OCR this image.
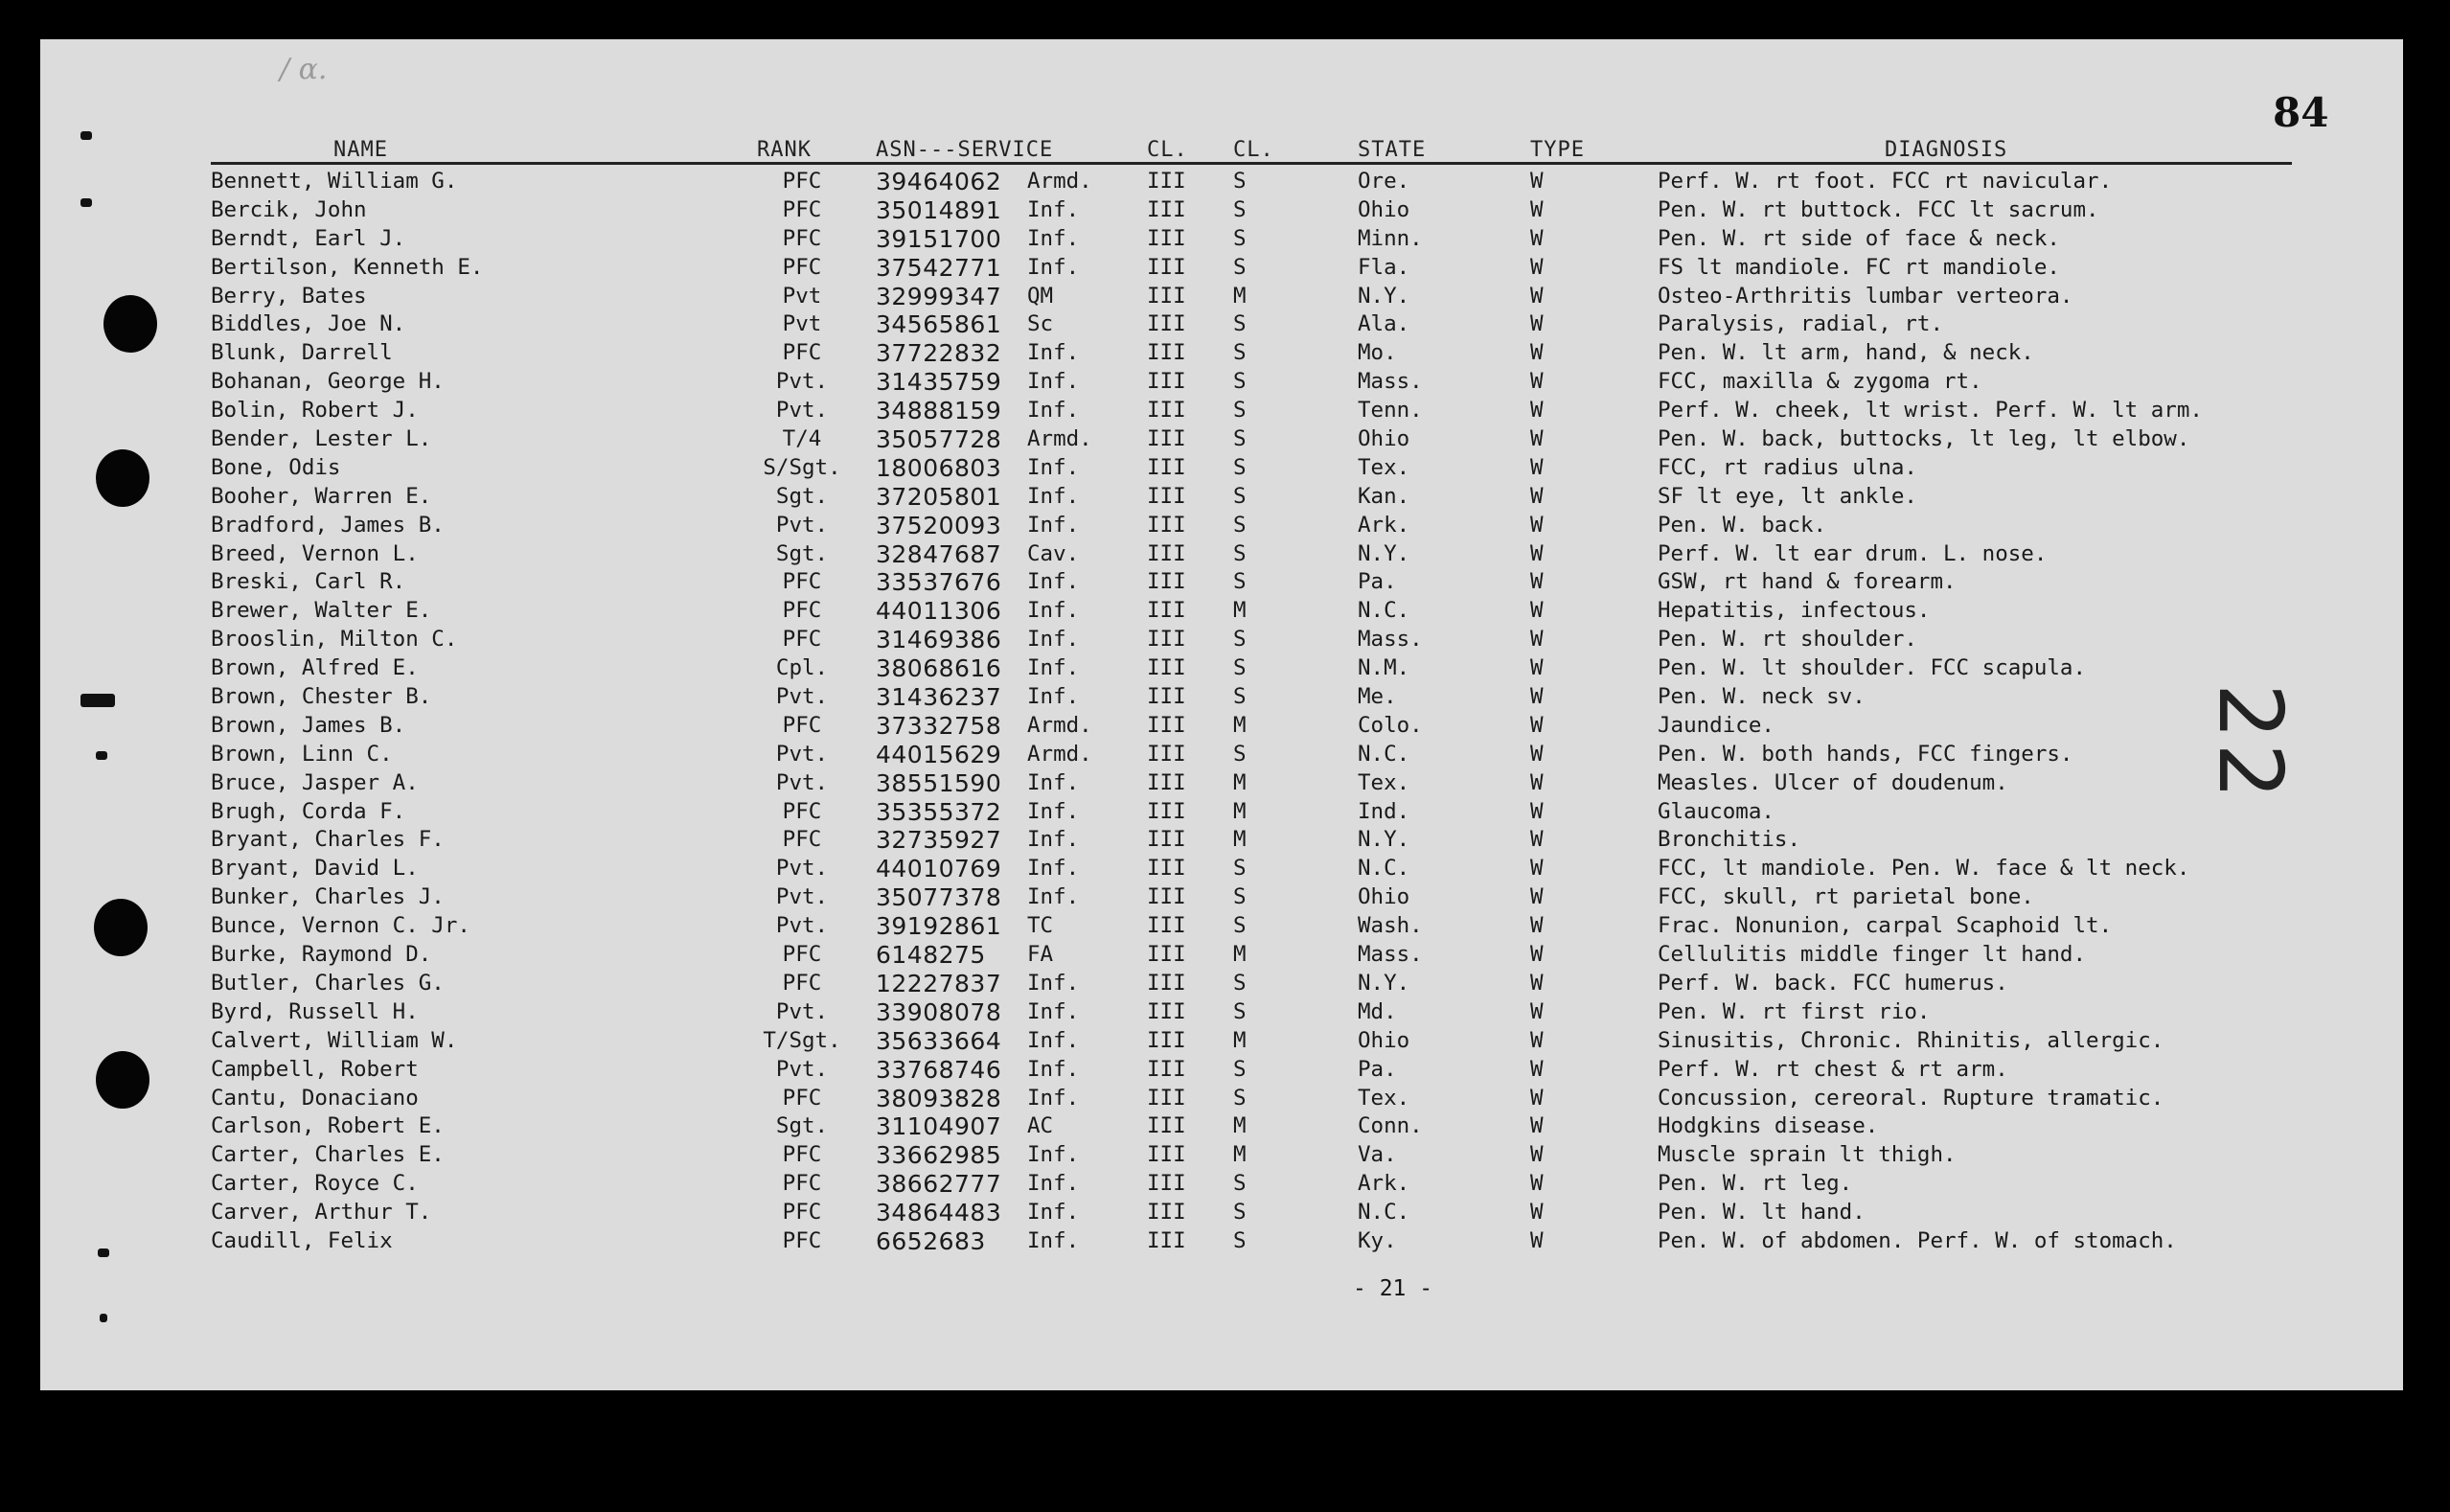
/ ɑ.
84
22
NAME	RANK	ASN---SERVICE	CL. CL.	STATE	TYPE	DIAGNOSIS
Bennett, William G.	PFC	39464062 Armd.	III S	Ore.	W	Perf. W. rt foot. FCC rt navicular.
Bercik, John	PFC	35014891 Inf.	III S	Ohio	W	Pen. W. rt buttock. FCC lt sacrum.
Berndt, Earl J.	PFC	39151700 Inf.	III S	Minn.	W	Pen. W. rt side of face & neck.
Bertilson, Kenneth E.	PFC	37542771 Inf.	III S	Fla.	W	FS lt mandiole. FC rt mandiole.
Berry, Bates	Pvt	32999347 QM	III M	N.Y.	W	Osteo-Arthritis lumbar verteora.
Biddles, Joe N.	Pvt	34565861 Sc	III S	Ala.	W	Paralysis, radial, rt.
Blunk, Darrell	PFC	37722832 Inf.	III S	Mo.	W	Pen. W. lt arm, hand, & neck.
Bohanan, George H.	Pvt.	31435759 Inf.	III S	Mass.	W	FCC, maxilla & zygoma rt.
Bolin, Robert J.	Pvt.	34888159 Inf.	III S	Tenn.	W	Perf. W. cheek, lt wrist. Perf. W. lt arm.
Bender, Lester L.	T/4	35057728 Armd.	III S	Ohio	W	Pen. W. back, buttocks, lt leg, lt elbow.
Bone, Odis	S/Sgt.	18006803 Inf.	III S	Tex.	W	FCC, rt radius ulna.
Booher, Warren E.	Sgt.	37205801 Inf.	III S	Kan.	W	SF lt eye, lt ankle.
Bradford, James B.	Pvt.	37520093 Inf.	III S	Ark.	W	Pen. W. back.
Breed, Vernon L.	Sgt.	32847687 Cav.	III S	N.Y.	W	Perf. W. lt ear drum. L. nose.
Breski, Carl R.	PFC	33537676 Inf.	III S	Pa.	W	GSW, rt hand & forearm.
Brewer, Walter E.	PFC	44011306 Inf.	III M	N.C.	W	Hepatitis, infectous.
Brooslin, Milton C.	PFC	31469386 Inf.	III S	Mass.	W	Pen. W. rt shoulder.
Brown, Alfred E.	Cpl.	38068616 Inf.	III S	N.M.	W	Pen. W. lt shoulder. FCC scapula.
Brown, Chester B.	Pvt.	31436237 Inf.	III S	Me.	W	Pen. W. neck sv.
Brown, James B.	PFC	37332758 Armd.	III M	Colo.	W	Jaundice.
Brown, Linn C.	Pvt.	44015629 Armd.	III S	N.C.	W	Pen. W. both hands, FCC fingers.
Bruce, Jasper A.	Pvt.	38551590 Inf.	III M	Tex.	W	Measles. Ulcer of doudenum.
Brugh, Corda F.	PFC	35355372 Inf.	III M	Ind.	W	Glaucoma.
Bryant, Charles F.	PFC	32735927 Inf.	III M	N.Y.	W	Bronchitis.
Bryant, David L.	Pvt.	44010769 Inf.	III S	N.C.	W	FCC, lt mandiole. Pen. W. face & lt neck.
Bunker, Charles J.	Pvt.	35077378 Inf.	III S	Ohio	W	FCC, skull, rt parietal bone.
Bunce, Vernon C. Jr.	Pvt.	39192861 TC	III S	Wash.	W	Frac. Nonunion, carpal Scaphoid lt.
Burke, Raymond D.	PFC	6148275 FA	III M	Mass.	W	Cellulitis middle finger lt hand.
Butler, Charles G.	PFC	12227837 Inf.	III S	N.Y.	W	Perf. W. back. FCC humerus.
Byrd, Russell H.	Pvt.	33908078 Inf.	III S	Md.	W	Pen. W. rt first rio.
Calvert, William W.	T/Sgt.	35633664 Inf.	III M	Ohio	W	Sinusitis, Chronic. Rhinitis, allergic.
Campbell, Robert	Pvt.	33768746 Inf.	III S	Pa.	W	Perf. W. rt chest & rt arm.
Cantu, Donaciano	PFC	38093828 Inf.	III S	Tex.	W	Concussion, cereoral. Rupture tramatic.
Carlson, Robert E.	Sgt.	31104907 AC	III M	Conn.	W	Hodgkins disease.
Carter, Charles E.	PFC	33662985 Inf.	III M	Va.	W	Muscle sprain lt thigh.
Carter, Royce C.	PFC	38662777 Inf.	III S	Ark.	W	Pen. W. rt leg.
Carver, Arthur T.	PFC	34864483 Inf.	III S	N.C.	W	Pen. W. lt hand.
Caudill, Felix	PFC	6652683 Inf.	III S	Ky.	W	Pen. W. of abdomen. Perf. W. of stomach.
- 21 -
